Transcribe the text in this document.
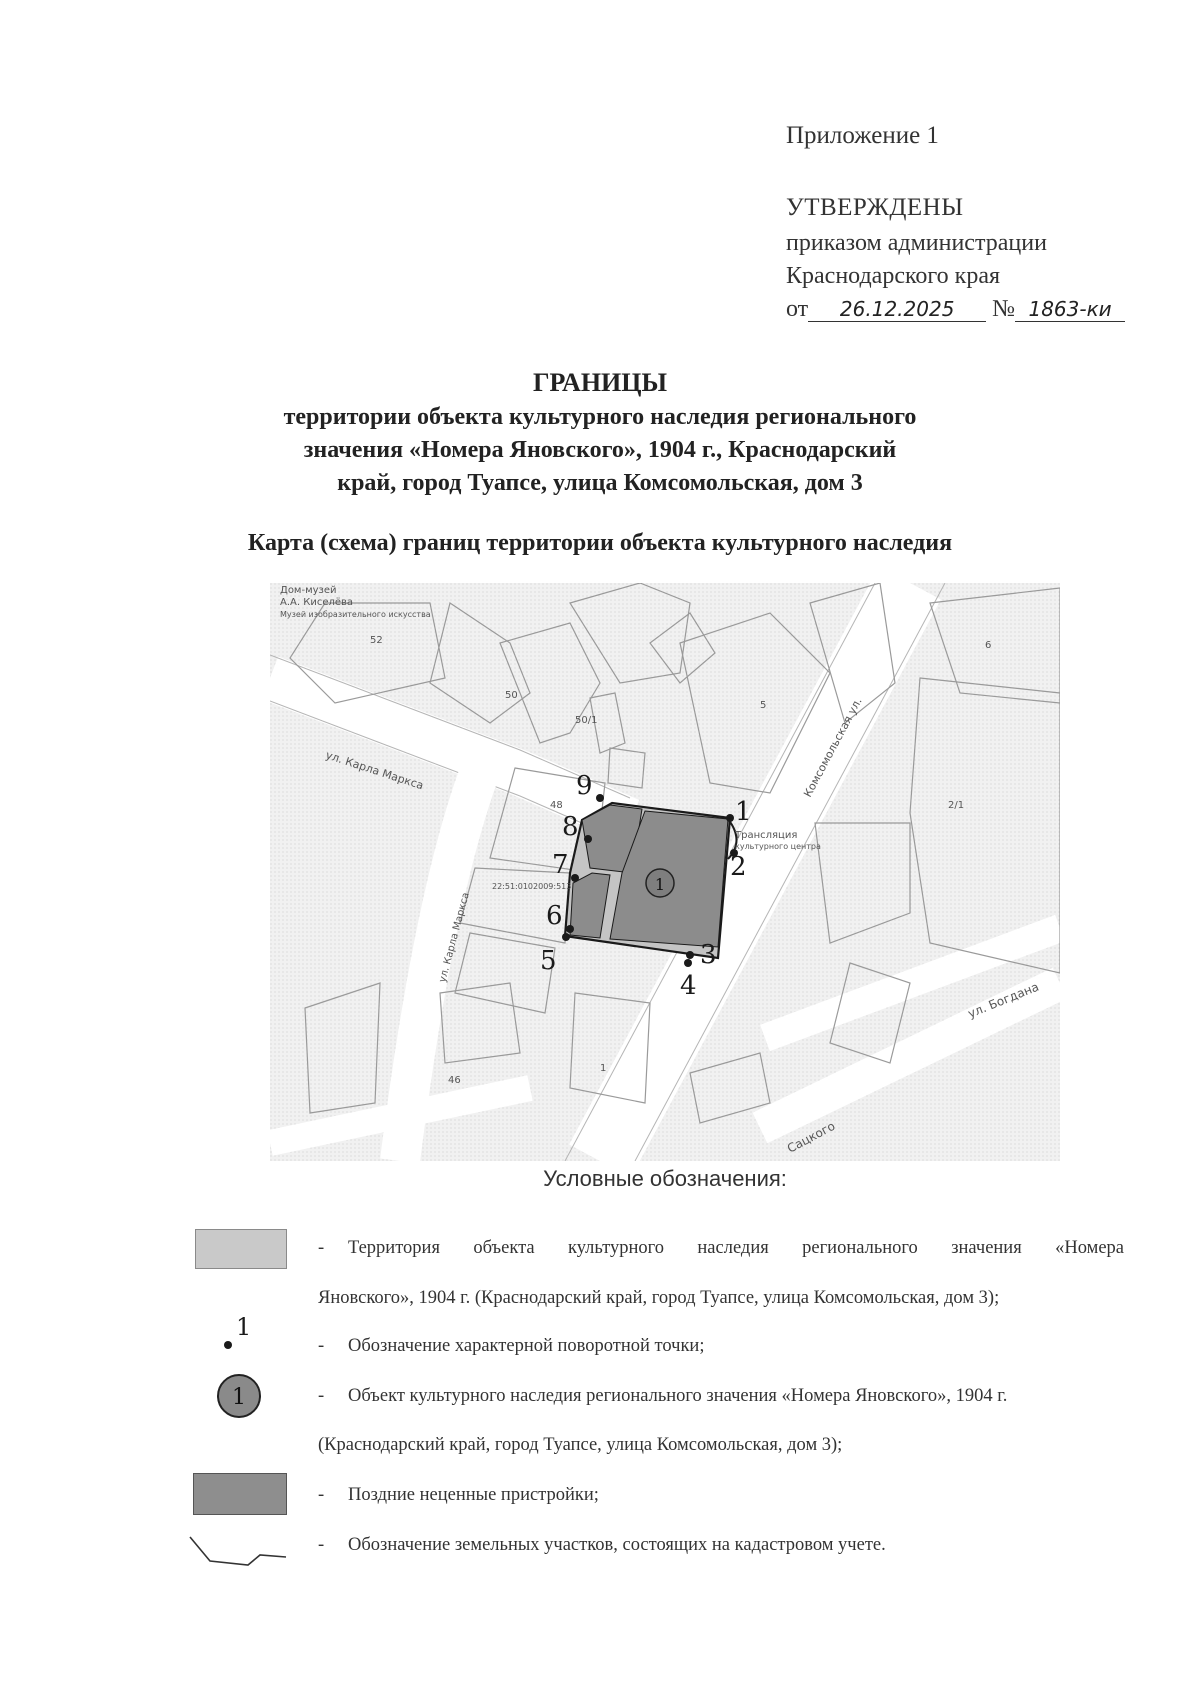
Приложение 1
УТВЕРЖДЕНЫ
приказом администрации
Краснодарского края
от 26.12.2025 № 1863-ки
ГРАНИЦЫ
территории объекта культурного наследия регионального
значения «Номера Яновского», 1904 г., Краснодарский
край, город Туапсе, улица Комсомольская, дом 3
Карта (схема) границ территории объекта культурного наследия
1
1
2
3
4
5
6
7
8
9
Дом-музей
А.А. Киселёва
Музей изобразительного искусства
Трансляция
культурного центра
22:51:0102009:513
52
50
50/1
48
5
2/1
6
1
46
ул. Карла Маркса	Комсомольская ул.
ул. Карла Маркса
ул. Богдана
Сацкого
Условные обозначения:
- Территория объекта культурного наследия регионального значения «Номера
Яновского», 1904 г. (Краснодарский край, город Туапсе, улица Комсомольская, дом 3);
1
- Обозначение характерной поворотной точки;
1	- Объект культурного наследия регионального значения «Номера Яновского», 1904 г.
(Краснодарский край, город Туапсе, улица Комсомольская, дом 3);
- Поздние неценные пристройки;
- Обозначение земельных участков, состоящих на кадастровом учете.
